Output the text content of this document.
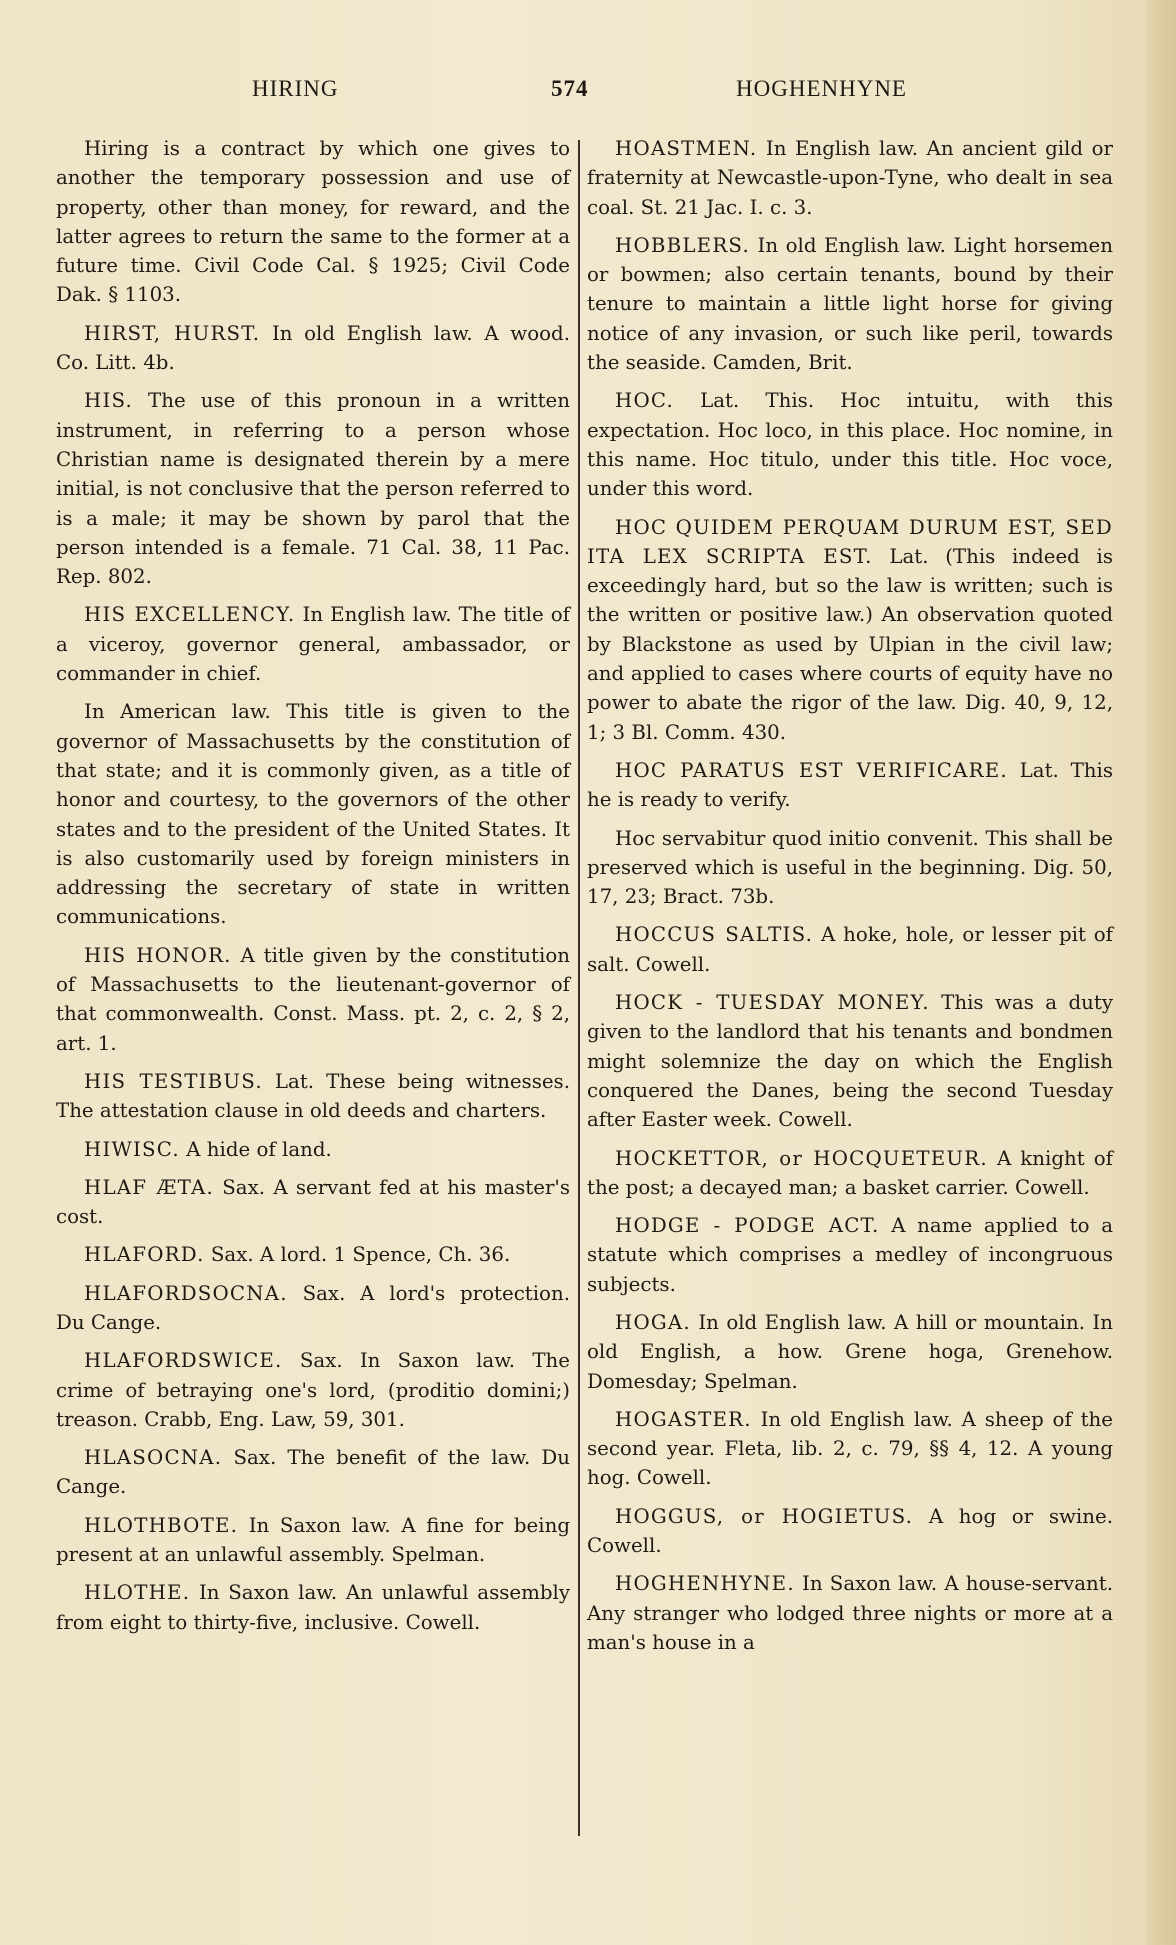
HIRING	574	HOGHENHYNE

Hiring is a contract by which one gives to another the temporary possession and use of property, other than money, for reward, and the latter agrees to return the same to the former at a future time. Civil Code Cal. § 1925; Civil Code Dak. § 1103.

HIRST, HURST. In old English law. A wood. Co. Litt. 4b.

HIS. The use of this pronoun in a written instrument, in referring to a person whose Christian name is designated therein by a mere initial, is not conclusive that the person referred to is a male; it may be shown by parol that the person intended is a female. 71 Cal. 38, 11 Pac. Rep. 802.

HIS EXCELLENCY. In English law. The title of a viceroy, governor general, ambassador, or commander in chief.

In American law. This title is given to the governor of Massachusetts by the constitution of that state; and it is commonly given, as a title of honor and courtesy, to the governors of the other states and to the president of the United States. It is also customarily used by foreign ministers in addressing the secretary of state in written communications.

HIS HONOR. A title given by the constitution of Massachusetts to the lieutenant-governor of that commonwealth. Const. Mass. pt. 2, c. 2, § 2, art. 1.

HIS TESTIBUS. Lat. These being witnesses. The attestation clause in old deeds and charters.

HIWISC. A hide of land.

HLAF ÆTA. Sax. A servant fed at his master's cost.

HLAFORD. Sax. A lord. 1 Spence, Ch. 36.

HLAFORDSOCNA. Sax. A lord's protection. Du Cange.

HLAFORDSWICE. Sax. In Saxon law. The crime of betraying one's lord, (proditio domini;) treason. Crabb, Eng. Law, 59, 301.

HLASOCNA. Sax. The benefit of the law. Du Cange.

HLOTHBOTE. In Saxon law. A fine for being present at an unlawful assembly. Spelman.

HLOTHE. In Saxon law. An unlawful assembly from eight to thirty-five, inclusive. Cowell.

HOASTMEN. In English law. An ancient gild or fraternity at Newcastle-upon-Tyne, who dealt in sea coal. St. 21 Jac. I. c. 3.

HOBBLERS. In old English law. Light horsemen or bowmen; also certain tenants, bound by their tenure to maintain a little light horse for giving notice of any invasion, or such like peril, towards the seaside. Camden, Brit.

HOC. Lat. This. Hoc intuitu, with this expectation. Hoc loco, in this place. Hoc nomine, in this name. Hoc titulo, under this title. Hoc voce, under this word.

HOC QUIDEM PERQUAM DURUM EST, SED ITA LEX SCRIPTA EST. Lat. (This indeed is exceedingly hard, but so the law is written; such is the written or positive law.) An observation quoted by Blackstone as used by Ulpian in the civil law; and applied to cases where courts of equity have no power to abate the rigor of the law. Dig. 40, 9, 12, 1; 3 Bl. Comm. 430.

HOC PARATUS EST VERIFICARE. Lat. This he is ready to verify.

Hoc servabitur quod initio convenit. This shall be preserved which is useful in the beginning. Dig. 50, 17, 23; Bract. 73b.

HOCCUS SALTIS. A hoke, hole, or lesser pit of salt. Cowell.

HOCK - TUESDAY MONEY. This was a duty given to the landlord that his tenants and bondmen might solemnize the day on which the English conquered the Danes, being the second Tuesday after Easter week. Cowell.

HOCKETTOR, or HOCQUETEUR. A knight of the post; a decayed man; a basket carrier. Cowell.

HODGE - PODGE ACT. A name applied to a statute which comprises a medley of incongruous subjects.

HOGA. In old English law. A hill or mountain. In old English, a how. Grene hoga, Grenehow. Domesday; Spelman.

HOGASTER. In old English law. A sheep of the second year. Fleta, lib. 2, c. 79, §§ 4, 12. A young hog. Cowell.

HOGGUS, or HOGIETUS. A hog or swine. Cowell.

HOGHENHYNE. In Saxon law. A house-servant. Any stranger who lodged three nights or more at a man's house in a
